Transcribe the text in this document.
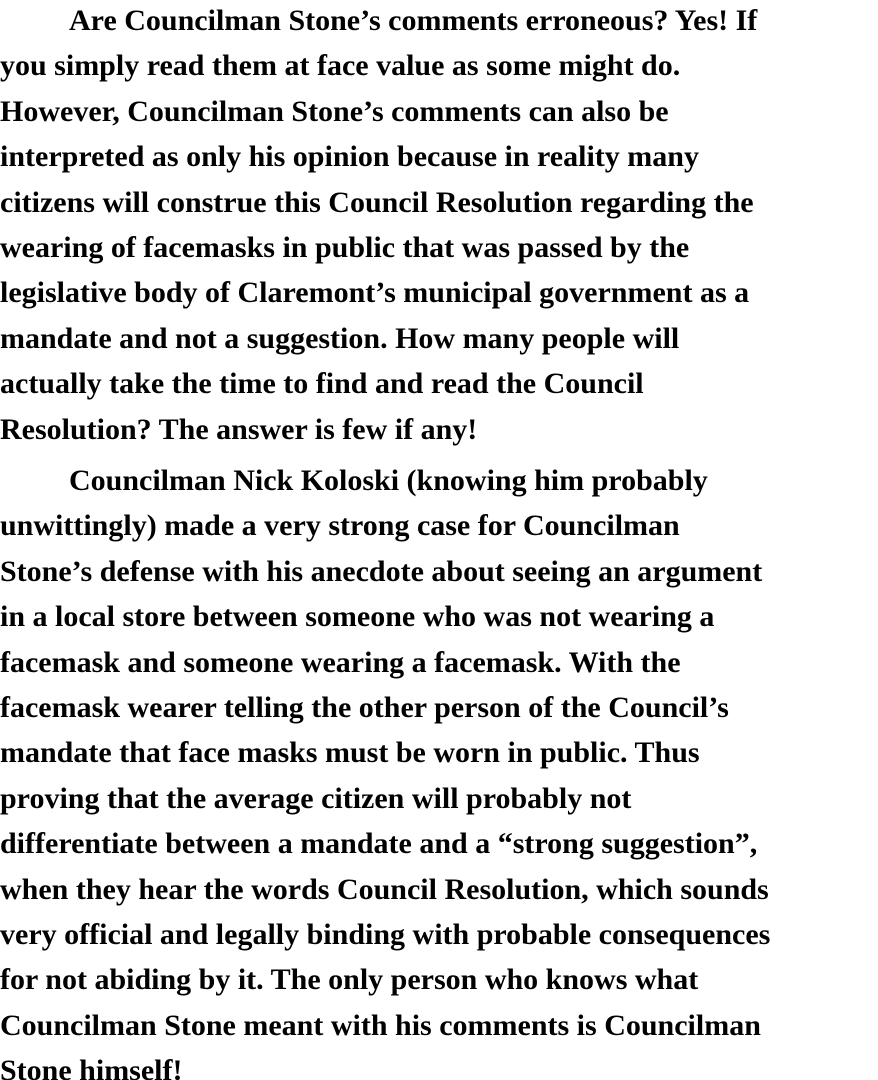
Are Councilman Stone’s comments erroneous? Yes! If
you simply read them at face value as some might do.
However, Councilman Stone’s comments can also be
interpreted as only his opinion because in reality many
citizens will construe this Council Resolution regarding the
wearing of facemasks in public that was passed by the
legislative body of Claremont’s municipal government as a
mandate and not a suggestion. How many people will
actually take the time to find and read the Council
Resolution? The answer is few if any!

Councilman Nick Koloski (knowing him probably
unwittingly) made a very strong case for Councilman
Stone’s defense with his anecdote about seeing an argument
in a local store between someone who was not wearing a
facemask and someone wearing a facemask. With the
facemask wearer telling the other person of the Council’s
mandate that face masks must be worn in public. Thus
proving that the average citizen will probably not
differentiate between a mandate and a “strong suggestion”,
when they hear the words Council Resolution, which sounds
very official and legally binding with probable consequences
for not abiding by it. The only person who knows what
Councilman Stone meant with his comments is Councilman
Stone himself!
